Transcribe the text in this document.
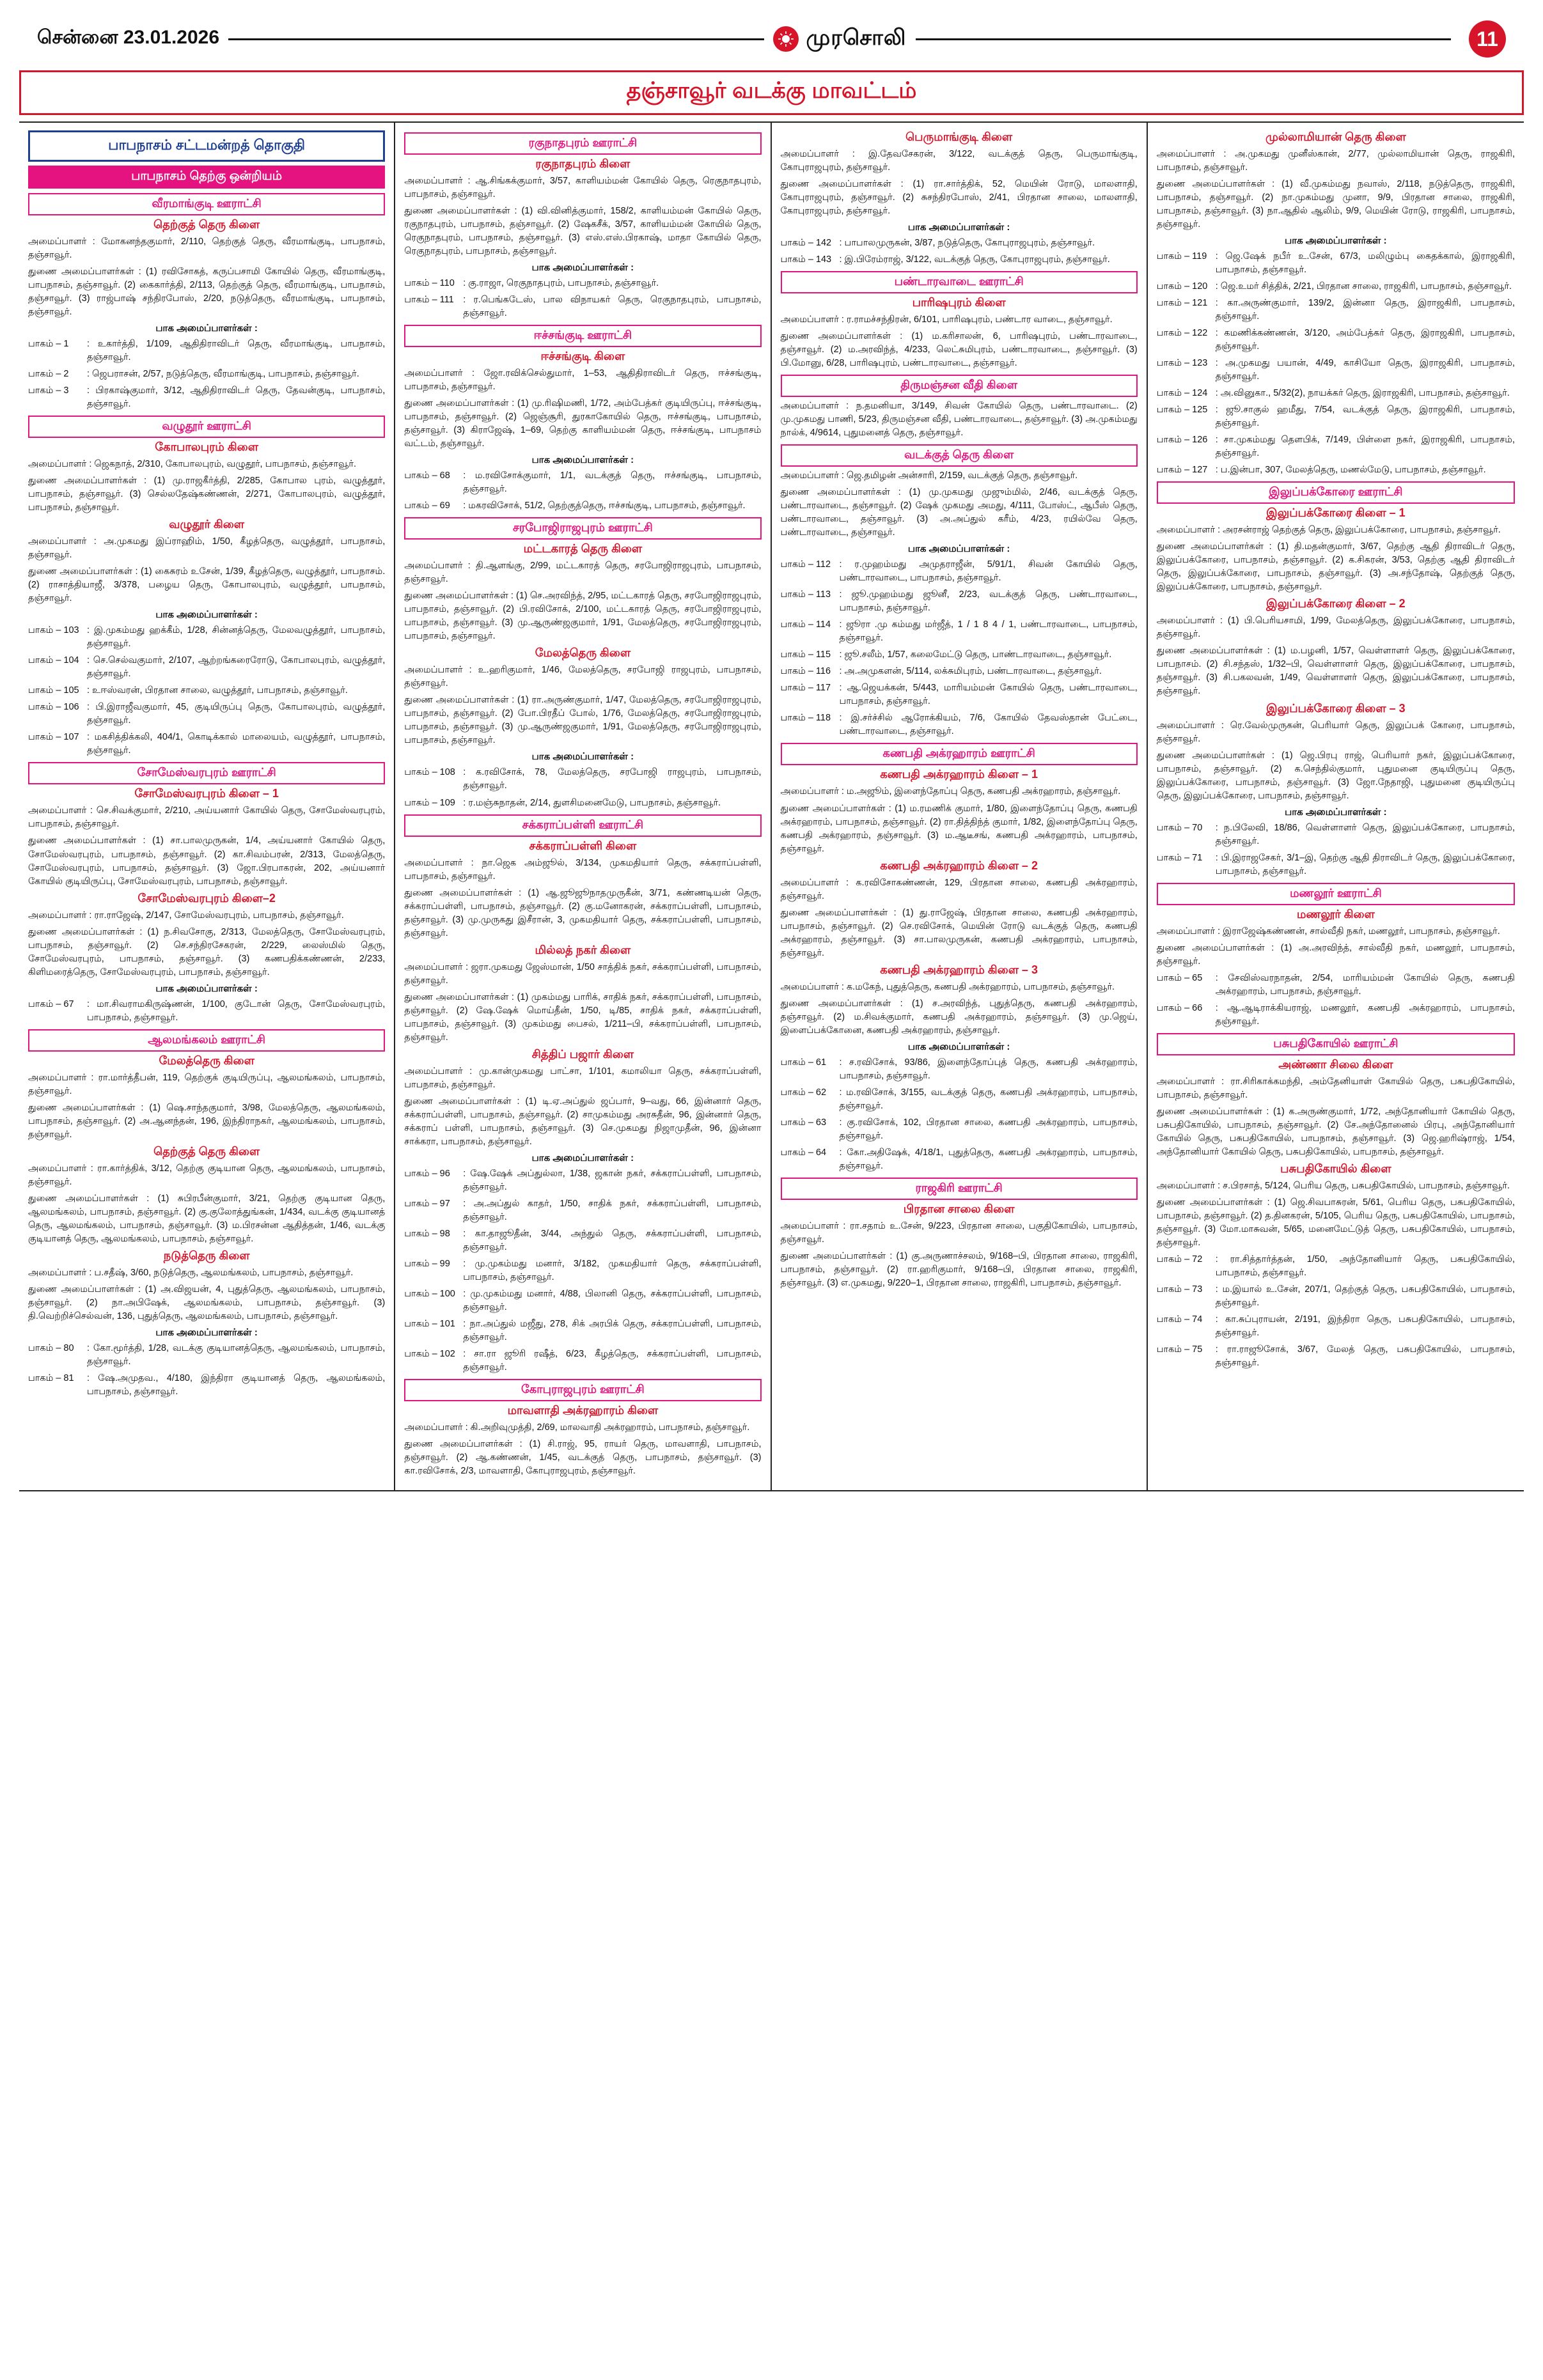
சென்னை 23.01.2026	முரசொலி	11
தஞ்சாவூர் வடக்கு மாவட்டம்
பாபநாசம் சட்டமன்றத் தொகுதி
பாபநாசம் தெற்கு ஒன்றியம்
வீரமாங்குடி ஊராட்சி
தெற்குத் தெரு கிளை
அமைப்பாளர் : மோகனந்தகுமார், 2/110, தெற்குத் தெரு, வீரமாங்குடி, பாபநாசம், தஞ்சாவூர்.
துணை அமைப்பாளர்கள் : (1) ரவிசோகத், கருப்பசாமி கோயில் தெரு, வீரமாங்குடி, பாபநாசம், தஞ்சாவூர். (2) கைகார்த்தி, 2/113, தெற்குத் தெரு, வீரமாங்குடி, பாபநாசம், தஞ்சாவூர். (3) ராஜ்பாஷ் சந்திரபோஸ், 2/20, நடுத்தெரு, வீரமாங்குடி, பாபநாசம், தஞ்சாவூர்.
பாக அமைப்பாளர்கள் :
பாகம் – 1	: உகார்த்தி, 1/109, ஆதிதிராவிடர் தெரு, வீரமாங்குடி, பாபநாசம், தஞ்சாவூர்.
பாகம் – 2	: ஜெபராசன், 2/57, நடுத்தெரு, வீரமாங்குடி, பாபநாசம், தஞ்சாவூர்.
பாகம் – 3	: பிரகாஷ்குமார், 3/12, ஆதிதிராவிடர் தெரு, தேவன்குடி, பாபநாசம், தஞ்சாவூர்.
வழுதூர் ஊராட்சி
கோபாலபுரம் கிளை
அமைப்பாளர் : ஜெகநாத், 2/310, கோபாலபுரம், வழுதூர், பாபநாசம், தஞ்சாவூர்.
துணை அமைப்பாளர்கள் : (1) மு.ராஜகீர்த்தி, 2/285, கோபால புரம், வழுத்தூர், பாபநாசம், தஞ்சாவூர். (3) செல்லதேஷ்கண்ணன், 2/271, கோபாலபுரம், வழுத்தூர், பாபநாசம், தஞ்சாவூர்.
வழுதூர் கிளை
அமைப்பாளர் : அ.முகமது இப்ராஹிம், 1/50, கீழத்தெரு, வழுத்தூர், பாபநாசம், தஞ்சாவூர்.
துணை அமைப்பாளர்கள் : (1) கைசுரம் உசேன், 1/39, கீழத்தெரு, வழுத்தூர், பாபநாசம். (2) ராசாத்தியாஜீ, 3/378, பழைய தெரு, கோபாலபுரம், வழுத்தூர், பாபநாசம், தஞ்சாவூர்.
பாக அமைப்பாளர்கள் :
பாகம் – 103 : இ.முகம்மது ஹக்கீம், 1/28, சின்னத்தெரு, மேலவழுத்தூர், பாபநாசம், தஞ்சாவூர்.
பாகம் – 104 : செ.செல்வகுமார், 2/107, ஆற்றங்கரைரோடு, கோபாலபுரம், வழுத்தூர், தஞ்சாவூர்.
பாகம் – 105 : உஈஸ்வரன், பிரதான சாலை, வழுத்தூர், பாபநாசம், தஞ்சாவூர்.
பாகம் – 106 : பி.இராஜீவகுமார், 45, குடியிருப்பு தெரு, கோபாலபுரம், வழுத்தூர், தஞ்சாவூர்.
பாகம் – 107 : மகசித்திக்கலி, 404/1, கொடிக்கால் மாலையம், வழுத்தூர், பாபநாசம், தஞ்சாவூர்.
சோமேஸ்வரபுரம் ஊராட்சி
சோமேஸ்வரபுரம் கிளை – 1
அமைப்பாளர் : செ.சிவக்குமார், 2/210, அய்யனார் கோயில் தெரு, சோமேஸ்வரபுரம், பாபநாசம், தஞ்சாவூர்.
துணை அமைப்பாளர்கள் : (1) சா.பாலமுருகன், 1/4, அய்யனார் கோயில் தெரு, சோமேஸ்வரபுரம், பாபநாசம், தஞ்சாவூர். (2) கா.சிவம்பரன், 2/313, மேலத்தெரு, சோமேஸ்வரபுரம், பாபநாசம், தஞ்சாவூர். (3) ஜோ.பிரபாகரன், 202, அய்யனார் கோயில் குடியிருப்பு, சோமேஸ்வரபுரம், பாபநாசம், தஞ்சாவூர்.
சோமேஸ்வரபுரம் கிளை–2
அமைப்பாளர் : ரா.ராஜேஷ், 2/147, சோமேஸ்வரபுரம், பாபநாசம், தஞ்சாவூர்.
துணை அமைப்பாளர்கள் : (1) ந.சிவசோகு, 2/313, மேலத்தெரு, சோமேஸ்வரபுரம், பாபநாசம், தஞ்சாவூர். (2) செ.சந்திரசேகரன், 2/229, லைஸ்மில் தெரு, சோமேஸ்வரபுரம், பாபநாசம், தஞ்சாவூர். (3) கணபதிக்கண்ணன், 2/233, கிளிமரைத்தெரு, சோமேஸ்வரபுரம், பாபநாசம், தஞ்சாவூர்.
பாக அமைப்பாளர்கள் :
பாகம் – 67	: மா.சிவராமகிருஷ்ணன், 1/100, குடோன் தெரு, சோமேஸ்வரபுரம், பாபநாசம், தஞ்சாவூர்.
ஆலமங்கலம் ஊராட்சி
மேலத்தெரு கிளை
அமைப்பாளர் : ரா.மார்த்தீபன், 119, தெற்குக் குடியிருப்பு, ஆலமங்கலம், பாபநாசம், தஞ்சாவூர்.
துணை அமைப்பாளர்கள் : (1) ஷெ.சாந்தகுமார், 3/98, மேலத்தெரு, ஆலமங்கலம், பாபநாசம், தஞ்சாவூர். (2) அ.ஆனந்தன், 196, இந்திராநகர், ஆலமங்கலம், பாபநாசம், தஞ்சாவூர்.
தெற்குத் தெரு கிளை
அமைப்பாளர் : ரா.கார்த்திக், 3/12, தெற்கு குடியான தெரு, ஆலமங்கலம், பாபநாசம், தஞ்சாவூர்.
துணை அமைப்பாளர்கள் : (1) சுபிரபீன்குமார், 3/21, தெற்கு குடியான தெரு, ஆலமங்கலம், பாபநாசம், தஞ்சாவூர். (2) கு.குலோத்துங்கன், 1/434, வடக்கு குடியானத் தெரு, ஆலமங்கலம், பாபநாசம், தஞ்சாவூர். (3) ம.பிரசன்ன ஆதித்தன், 1/46, வடக்கு குடியானத் தெரு, ஆலமங்கலம், பாபநாசம், தஞ்சாவூர்.
நடுத்தெரு கிளை
அமைப்பாளர் : ப.சதீஷ், 3/60, நடுத்தெரு, ஆலமங்கலம், பாபநாசம், தஞ்சாவூர்.
துணை அமைப்பாளர்கள் : (1) அ.விஜயன், 4, புதுத்தெரு, ஆலமங்கலம், பாபநாசம், தஞ்சாவூர். (2) நா.அபிஷேக், ஆலமங்கலம், பாபநாசம், தஞ்சாவூர். (3) தி.வெற்றிச்செல்வன், 136, புதுத்தெரு, ஆலமங்கலம், பாபநாசம், தஞ்சாவூர்.
பாக அமைப்பாளர்கள் :
பாகம் – 80	: கோ.மூர்த்தி, 1/28, வடக்கு குடியானத்தெரு, ஆலமங்கலம், பாபநாசம், தஞ்சாவூர்.
பாகம் – 81	: ஷே.அமுதவ., 4/180, இந்திரா குடியானத் தெரு, ஆலமங்கலம், பாபநாசம், தஞ்சாவூர்.
ரகுநாதபுரம் ஊராட்சி
ரகுநாதபுரம் கிளை
அமைப்பாளர் : ஆ.சிங்கக்குமார், 3/57, காளியம்மன் கோயில் தெரு, ரெகுநாதபுரம், பாபநாசம், தஞ்சாவூர்.
துணை அமைப்பாளர்கள் : (1) வி.வினித்குமார், 158/2, காளியம்மன் கோயில் தெரு, ரகுநாதபுரம், பாபநாசம், தஞ்சாவூர். (2) ஷேகசீக், 3/57, காளியம்மன் கோயில் தெரு, ரெகுநாதபுரம், பாபநாசம், தஞ்சாவூர். (3) எஸ்.எஸ்.பிரகாஷ், மாதா கோயில் தெரு, ரெகுநாதபுரம், பாபநாசம், தஞ்சாவூர்.
பாக அமைப்பாளர்கள் :
பாகம் – 110 : கு.ராஜா, ரெகுநாதபுரம், பாபநாசம், தஞ்சாவூர்.
பாகம் – 111	: ர.பெங்கடேஸ், பால விநாயகர் தெரு, ரெகுநாதபுரம், பாபநாசம், தஞ்சாவூர்.
ஈச்சங்குடி ஊராட்சி
ஈச்சங்குடி கிளை
அமைப்பாளர் : ஜோ.ரவிக்செல்துமார், 1–53, ஆதிதிராவிடர் தெரு, ஈச்சங்குடி, பாபநாசம், தஞ்சாவூர்.
துணை அமைப்பாளர்கள் : (1) மு.ரிஷிமணி, 1/72, அம்பேத்கர் குடியிருப்பு, ஈச்சங்குடி, பாபநாசம், தஞ்சாவூர். (2) ஜெஞ்சூரி, துரகாகோயில் தெரு, ஈச்சங்குடி, பாபநாசம், தஞ்சாவூர். (3) கிராஜேஷ், 1–69, தெற்கு காளியம்மன் தெரு, ஈச்சங்குடி, பாபநாசம் வட்டம், தஞ்சாவூர்.
பாக அமைப்பாளர்கள் :
பாகம் – 68	: ம.ரவிசோக்குமார், 1/1, வடக்குத் தெரு, ஈச்சங்குடி, பாபநாசம், தஞ்சாவூர்.
பாகம் – 69	: மகரவிசோக், 51/2, தெற்குத்தெரு, ஈச்சங்குடி, பாபநாசம், தஞ்சாவூர்.
சரபோஜிராஜபுரம் ஊராட்சி
மட்டகாரத் தெரு கிளை
அமைப்பாளர் : தி.ஆளங்கு, 2/99, மட்டகாரத் தெரு, சரபோஜிராஜபுரம், பாபநாசம், தஞ்சாவூர்.
துணை அமைப்பாளர்கள் : (1) செ.அரவிந்த், 2/95, மட்டகாரத் தெரு, சரபோஜிராஜபுரம், பாபநாசம், தஞ்சாவூர். (2) பி.ரவிசோக், 2/100, மட்டகாரத் தெரு, சரபோஜிராஜபுரம், பாபநாசம், தஞ்சாவூர். (3) மு.ஆருண்ஜகுமார், 1/91, மேலத்தெரு, சரபோஜிராஜபுரம், பாபநாசம், தஞ்சாவூர்.
மேலத்தெரு கிளை
அமைப்பாளர் : உ.ஹரிகுமார், 1/46, மேலத்தெரு, சரபோஜி ராஜபுரம், பாபநாசம், தஞ்சாவூர்.
துணை அமைப்பாளர்கள் : (1) ரா.அருண்குமார், 1/47, மேலத்தெரு, சரபோஜிராஜபுரம், பாபநாசம், தஞ்சாவூர். (2) போ.பிரதீப் போல், 1/76, மேலத்தெரு, சரபோஜிராஜபுரம், பாபநாசம், தஞ்சாவூர். (3) மு.ஆருண்ஜகுமார், 1/91, மேலத்தெரு, சரபோஜிராஜபுரம், பாபநாசம், தஞ்சாவூர்.
பாக அமைப்பாளர்கள் :
பாகம் – 108 : க.ரவிசோக், 78, மேலத்தெரு, சரபோஜி ராஜபுரம், பாபநாசம், தஞ்சாவூர்.
பாகம் – 109 : ர.மஞ்சுநாதன், 2/14, துளசிமனைமேடு, பாபநாசம், தஞ்சாவூர்.
சக்கராப்பள்ளி ஊராட்சி
சக்கராப்பள்ளி கிளை
அமைப்பாளர் : நா.ஜெக அம்ஜூல், 3/134, முகமதியார் தெரு, சக்கராப்பள்ளி, பாபநாசம், தஞ்சாவூர்.
துணை அமைப்பாளர்கள் : (1) ஆ.ஜூஜூநாதமுருகீன், 3/71, கண்ணடியன் தெரு, சக்கராப்பள்ளி, பாபநாசம், தஞ்சாவூர். (2) கு.மனோகரன், சக்கராப்பள்ளி, பாபநாசம், தஞ்சாவூர். (3) மு.முருகது இசீரான், 3, முகமதியார் தெரு, சக்கராப்பள்ளி, பாபநாசம், தஞ்சாவூர்.
மில்லத் நகர் கிளை
அமைப்பாளர் : ஜரா.முகமது ஜேஸ்மான், 1/50 சாத்திக் நகர், சக்கராப்பள்ளி, பாபநாசம், தஞ்சாவூர்.
துணை அமைப்பாளர்கள் : (1) முகம்மது பாரிக், சாதிக் நகர், சக்கராப்பள்ளி, பாபநாசம், தஞ்சாவூர். (2) ஷே.ஷேக் மொய்தீன், 1/50, டி/85, சாதிக் நகர், சக்கராப்பள்ளி, பாபநாசம், தஞ்சாவூர். (3) முகம்மது பைசல், 1/211–பி, சக்கராப்பள்ளி, பாபநாசம், தஞ்சாவூர்.
சித்திப் பஜார் கிளை
அமைப்பாளர் : மு.கான்முகமது பாட்சா, 1/101, கமாலியா தெரு, சக்கராப்பள்ளி, பாபநாசம், தஞ்சாவூர்.
துணை அமைப்பாளர்கள் : (1) டி.ஏ.அப்துல் ஜப்பார், 9–வது, 66, இன்னார் தெரு, சக்கராப்பள்ளி, பாபநாசம், தஞ்சாவூர். (2) சாமுகம்மது அரசுதீன், 96, இன்னார் தெரு, சக்கராப் பள்ளி, பாபநாசம், தஞ்சாவூர். (3) செ.முகமது நிஜாமுதீன், 96, இன்னா சாக்கரா, பாபநாசம், தஞ்சாவூர்.
பாக அமைப்பாளர்கள் :
பாகம் – 96	: ஷே.ஷேக் அப்துல்லா, 1/38, ஜகான் நகர், சக்கராப்பள்ளி, பாபநாசம், தஞ்சாவூர்.
பாகம் – 97	: அ.அப்துல் காதர், 1/50, சாதிக் நகர், சக்கராப்பள்ளி, பாபநாசம், தஞ்சாவூர்.
பாகம் – 98	: கா.தாஜூதீன், 3/44, அந்துல் தெரு, சக்கராப்பள்ளி, பாபநாசம், தஞ்சாவூர்.
பாகம் – 99	: மு.முகம்மது மனார், 3/182, முகமதியார் தெரு, சக்கராப்பள்ளி, பாபநாசம், தஞ்சாவூர்.
பாகம் – 100 : மு.முகம்மது மனார், 4/88, பிலானி தெரு, சக்கராப்பள்ளி, பாபநாசம், தஞ்சாவூர்.
பாகம் – 101 : நா.அப்துல் மஜீது, 278, சிக் அரபிக் தெரு, சக்கராப்பள்ளி, பாபநாசம், தஞ்சாவூர்.
பாகம் – 102 : சா.ரா ஜூரி ரஷீத், 6/23, கீழத்தெரு, சக்கராப்பள்ளி, பாபநாசம், தஞ்சாவூர்.
கோபுராஜபுரம் ஊராட்சி
மாவளாதி அக்ரஹாரம் கிளை
அமைப்பாளர் : கி.அறிவுமுத்தி, 2/69, மாலவாதி அக்ரஹாரம், பாபநாசம், தஞ்சாவூர்.
துணை அமைப்பாளர்கள் : (1) சி.ராஜ், 95, ராயர் தெரு, மாவளாதி, பாபநாசம், தஞ்சாவூர். (2) ஆ.கண்ணன், 1/45, வடக்குத் தெரு, பாபநாசம், தஞ்சாவூர். (3) கா.ரவிசோக், 2/3, மாவளாதி, கோபுராஜபுரம், தஞ்சாவூர்.
பெருமாங்குடி கிளை
அமைப்பாளர் : இ.தேவசேகரன், 3/122, வடக்குத் தெரு, பெருமாங்குடி, கோபுராஜபுரம், தஞ்சாவூர்.
துணை அமைப்பாளர்கள் : (1) ரா.சார்த்திக், 52, மெயின் ரோடு, மாலளாதி, கோபுராஜபுரம், தஞ்சாவூர். (2) சுசந்திரபோஸ், 2/41, பிரதான சாலை, மாலளாதி, கோபுராஜபுரம், தஞ்சாவூர்.
பாக அமைப்பாளர்கள் :
பாகம் – 142 : பாபாலமுருகன், 3/87, நடுத்தெரு, கோபுராஜபுரம், தஞ்சாவூர்.
பாகம் – 143 : இ.பிரேம்ராஜ், 3/122, வடக்குத் தெரு, கோபுராஜபுரம், தஞ்சாவூர்.
பண்டாரவாடை ஊராட்சி
பாரிஷபுரம் கிளை
அமைப்பாளர் : ர.ராமச்சந்திரன், 6/101, பாரிஷபுரம், பண்டார வாடை, தஞ்சாவூர்.
துணை அமைப்பாளர்கள் : (1) ம.கரிசாலன், 6, பாரிஷபுரம், பண்டாரவாடை, தஞ்சாவூர். (2) ம.அரவிந்த், 4/233, லெட்சுமிபுரம், பண்டாரவாடை, தஞ்சாவூர். (3) பி.மோனு, 6/28, பாரிஷபுரம், பண்டாரவாடை, தஞ்சாவூர்.
திருமஞ்சன வீதி கிளை
அமைப்பாளர் : ந.தமனியா, 3/149, சிவன் கோயில் தெரு, பண்டாரவாடை. (2) மு.முகமது பாணி, 5/23, திருமஞ்சன வீதி, பண்டாரவாடை, தஞ்சாவூர். (3) அ.முகம்மது நால்க், 4/9614, புதுமனைத் தெரு, தஞ்சாவூர்.
வடக்குத் தெரு கிளை
அமைப்பாளர் : ஜெ.தமிழன் அன்சாரி, 2/159, வடக்குத் தெரு, தஞ்சாவூர்.
துணை அமைப்பாளர்கள் : (1) மு.முகமது முஜும்மில், 2/46, வடக்குத் தெரு, பண்டாரவாடை, தஞ்சாவூர். (2) ஷேக் முகமது அமது, 4/111, போஸ்ட், ஆபீஸ் தெரு, பண்டாரவாடை, தஞ்சாவூர். (3) அ.அப்துல் கரீம், 4/23, ரயில்வே தெரு, பண்டாரவாடை, தஞ்சாவூர்.
பாக அமைப்பாளர்கள் :
பாகம் – 112 : ர.முஹம்மது அமுதராஜீன், 5/91/1, சிவன் கோயில் தெரு, பண்டாரவாடை, பாபநாசம், தஞ்சாவூர்.
பாகம் – 113 : ஜூ.முஹம்மது ஜூனீ, 2/23, வடக்குத் தெரு, பண்டாரவாடை, பாபநாசம், தஞ்சாவூர்.
பாகம் – 114 : ஜூரா .மு கம்மது மர்ஜீத், 1 / 1 8 4 / 1, பண்டாரவாடை, பாபநாசம், தஞ்சாவூர்.
பாகம் – 115 : ஜூ.சலீம், 1/57, கலைமேட்டு தெரு, பாண்டாரவாடை, தஞ்சாவூர்.
பாகம் – 116 : அ.அமுகளன், 5/114, லக்சுமிபுரம், பண்டாரவாடை, தஞ்சாவூர்.
பாகம் – 117 : ஆ.ஜெயக்கன், 5/443, மாரியம்மன் கோயில் தெரு, பண்டாரவாடை, பாபநாசம், தஞ்சாவூர்.
பாகம் – 118 : இ.சர்ச்சில் ஆரோக்கியம், 7/6, கோயில் தேவஸ்தான் பேட்டை, பண்டாரவாடை, தஞ்சாவூர்.
கணபதி அக்ரஹாரம் ஊராட்சி
கணபதி அக்ரஹாரம் கிளை – 1
அமைப்பாளர் : ம.அஜூம், இளைந்தோப்பு தெரு, கணபதி அக்ரஹாரம், தஞ்சாவூர்.
துணை அமைப்பாளர்கள் : (1) ம.ரமணிக் குமார், 1/80, இளைந்தோப்பு தெரு, கணபதி அக்ரஹாரம், பாபநாசம், தஞ்சாவூர். (2) ரா.தித்திந்த் குமார், 1/82, இளைந்தோப்பு தெரு, கணபதி அக்ரஹாரம், தஞ்சாவூர். (3) ம.ஆடீசங், கணபதி அக்ரஹாரம், பாபநாசம், தஞ்சாவூர்.
கணபதி அக்ரஹாரம் கிளை – 2
அமைப்பாளர் : க.ரவிசோகண்ணன், 129, பிரதான சாலை, கணபதி அக்ரஹாரம், தஞ்சாவூர்.
துணை அமைப்பாளர்கள் : (1) து.ராஜேஷ், பிரதான சாலை, கணபதி அக்ரஹாரம், பாபநாசம், தஞ்சாவூர். (2) செ.ரவிசோக், மெயின் ரோடு வடக்குத் தெரு, கணபதி அக்ரஹாரம், தஞ்சாவூர். (3) சா.பாலமுருகன், கணபதி அக்ரஹாரம், பாபநாசம், தஞ்சாவூர்.
கணபதி அக்ரஹாரம் கிளை – 3
அமைப்பாளர் : க.மகேந், புதுத்தெரு, கணபதி அக்ரஹாரம், பாபநாசம், தஞ்சாவூர்.
துணை அமைப்பாளர்கள் : (1) ச.அரவிந்த், புதுத்தெரு, கணபதி அக்ரஹாரம், தஞ்சாவூர். (2) ம.சிவக்குமார், கணபதி அக்ரஹாரம், தஞ்சாவூர். (3) மு.ஜெய், இளைப்பக்கோனை, கணபதி அக்ரஹாரம், தஞ்சாவூர்.
பாக அமைப்பாளர்கள் :
பாகம் – 61	: ச.ரவிசோக், 93/86, இளைந்தோப்புத் தெரு, கணபதி அக்ரஹாரம், பாபநாசம், தஞ்சாவூர்.
பாகம் – 62	: ம.ரவிசோக், 3/155, வடக்குத் தெரு, கணபதி அக்ரஹாரம், பாபநாசம், தஞ்சாவூர்.
பாகம் – 63	: கு.ரவிசோக், 102, பிரதான சாலை, கணபதி அக்ரஹாரம், பாபநாசம், தஞ்சாவூர்.
பாகம் – 64	: கோ.அதிஷேக், 4/18/1, புதுத்தெரு, கணபதி அக்ரஹாரம், பாபநாசம், தஞ்சாவூர்.
ராஜகிரி ஊராட்சி
பிரதான சாலை கிளை
அமைப்பாளர் : ரா.சதாம் உ.சேன், 9/223, பிரதான சாலை, பகுதிகோயில், பாபநாசம், தஞ்சாவூர்.
துணை அமைப்பாளர்கள் : (1) கு.அருணாச்சலம், 9/168–பி, பிரதான சாலை, ராஜகிரி, பாபநாசம், தஞ்சாவூர். (2) ரா.ஹரிகுமார், 9/168–பி, பிரதான சாலை, ராஜகிரி, தஞ்சாவூர். (3) எ.முகமது, 9/220–1, பிரதான சாலை, ராஜகிரி, பாபநாசம், தஞ்சாவூர்.
முல்லாமியான் தெரு கிளை
அமைப்பாளர் : அ.முகமது முனீஸ்கான், 2/77, முல்லாமியான் தெரு, ராஜகிரி, பாபநாசம், தஞ்சாவூர்.
துணை அமைப்பாளர்கள் : (1) வீ.முகம்மது நவாஸ், 2/118, நடுத்தெரு, ராஜகிரி, பாபநாசம், தஞ்சாவூர். (2) நா.முகம்மது முனா, 9/9, பிரதான சாலை, ராஜகிரி, பாபநாசம், தஞ்சாவூர். (3) நா.ஆதில் ஆலிம், 9/9, மெயின் ரோடு, ராஜகிரி, பாபநாசம், தஞ்சாவூர்.
பாக அமைப்பாளர்கள் :
பாகம் – 119 : ஜெ.ஷேக் நபீர் உ.சேன், 67/3, மலிழும்பு கைதக்கால், இராஜகிரி, பாபநாசம், தஞ்சாவூர்.
பாகம் – 120 : ஜெ.உமர் சித்திக், 2/21, பிரதான சாலை, ராஜகிரி, பாபநாசம், தஞ்சாவூர்.
பாகம் – 121 : கா.அருண்குமார், 139/2, இன்னா தெரு, இராஜகிரி, பாபநாசம், தஞ்சாவூர்.
பாகம் – 122 : கமணிக்கண்ணன், 3/120, அம்பேத்கர் தெரு, இராஜகிரி, பாபநாசம், தஞ்சாவூர்.
பாகம் – 123 : அ.முகமது பயான், 4/49, காசியோ தெரு, இராஜகிரி, பாபநாசம், தஞ்சாவூர்.
பாகம் – 124 : அ.வினுகா., 5/32(2), நாயக்கர் தெரு, இராஜகிரி, பாபநாசம், தஞ்சாவூர்.
பாகம் – 125 : ஜூ.சாகுல் ஹமீது, 7/54, வடக்குத் தெரு, இராஜகிரி, பாபநாசம், தஞ்சாவூர்.
பாகம் – 126 : சா.முகம்மது தௌபிக், 7/149, பிள்ளை நகர், இராஜகிரி, பாபநாசம், தஞ்சாவூர்.
பாகம் – 127 : ப.இன்பா, 307, மேலத்தெரு, மணல்மேடு, பாபநாசம், தஞ்சாவூர்.
இலுப்பக்கோரை ஊராட்சி
இலுப்பக்கோரை கிளை – 1
அமைப்பாளர் : அரசன்ராஜ் தெற்குத் தெரு, இலுப்பக்கோரை, பாபநாசம், தஞ்சாவூர்.
துணை அமைப்பாளர்கள் : (1) தி.மதன்குமார், 3/67, தெற்கு ஆதி திராவிடர் தெரு, இலுப்பக்கோரை, பாபநாசம், தஞ்சாவூர். (2) க.சிகரன், 3/53, தெற்கு ஆதி திராவிடர் தெரு, இலுப்பக்கோரை, பாபநாசம், தஞ்சாவூர். (3) அ.சந்தோஷ், தெற்குத் தெரு, இலுப்பக்கோரை, பாபநாசம், தஞ்சாவூர்.
இலுப்பக்கோரை கிளை – 2
அமைப்பாளர் : (1) பி.பெரியசாமி, 1/99, மேலத்தெரு, இலுப்பக்கோரை, பாபநாசம், தஞ்சாவூர்.
துணை அமைப்பாளர்கள் : (1) ம.பழனி, 1/57, வெள்ளாளர் தெரு, இலுப்பக்கோரை, பாபநாசம். (2) சி.சந்தஸ், 1/32–பி, வெள்ளாளர் தெரு, இலுப்பக்கோரை, பாபநாசம், தஞ்சாவூர். (3) சி.பகலவன், 1/49, வெள்ளாளர் தெரு, இலுப்பக்கோரை, பாபநாசம், தஞ்சாவூர்.
இலுப்பக்கோரை கிளை – 3
அமைப்பாளர் : ரெ.வேல்முருகன், பெரியார் தெரு, இலுப்பக் கோரை, பாபநாசம், தஞ்சாவூர்.
துணை அமைப்பாளர்கள் : (1) ஜெ.பிரபு ராஜ், பெரியார் நகர், இலுப்பக்கோரை, பாபநாசம், தஞ்சாவூர். (2) க.செந்தில்குமார், புதுமனை குடியிருப்பு தெரு, இலுப்பக்கோரை, பாபநாசம், தஞ்சாவூர். (3) ஜோ.நேதாஜி, புதுமனை குடியிருப்பு தெரு, இலுப்பக்கோரை, பாபநாசம், தஞ்சாவூர்.
பாக அமைப்பாளர்கள் :
பாகம் – 70	: ந.பிலேவி, 18/86, வெள்ளாளர் தெரு, இலுப்பக்கோரை, பாபநாசம், தஞ்சாவூர்.
பாகம் – 71	: பி.இராஜசேகர், 3/1–இ, தெற்கு ஆதி திராவிடர் தெரு, இலுப்பக்கோரை, பாபநாசம், தஞ்சாவூர்.
மணலூர் ஊராட்சி
மணலூர் கிளை
அமைப்பாளர் : இராஜேஷ்கண்ணன், சால்வீதி நகர், மணலூர், பாபநாசம், தஞ்சாவூர்.
துணை அமைப்பாளர்கள் : (1) அ.அரவிந்த், சால்வீதி நகர், மணலூர், பாபநாசம், தஞ்சாவூர்.
பாகம் – 65	: சேவிஸ்வரநாதன், 2/54, மாரியம்மன் கோயில் தெரு, கணபதி அக்ரஹாரம், பாபநாசம், தஞ்சாவூர்.
பாகம் – 66	: ஆ.ஆடிராக்கியராஜ், மணலூர், கணபதி அக்ரஹாரம், பாபநாசம், தஞ்சாவூர்.
பசுபதிகோயில் ஊராட்சி
அண்ணா சிலை கிளை
அமைப்பாளர் : ரா.சிரிகாக்கமந்தி, அம்தேனியாள் கோயில் தெரு, பசுபதிகோயில், பாபநாசம், தஞ்சாவூர்.
துணை அமைப்பாளர்கள் : (1) க.அருண்குமார், 1/72, அந்தோனியார் கோயில் தெரு, பசுபதிகோயில், பாபநாசம், தஞ்சாவூர். (2) சே.அந்தோனைல் பிரபு, அந்தோனியார் கோயில் தெரு, பசுபதிகோயில், பாபநாசம், தஞ்சாவூர். (3) ஜெ.ஹரிஷ்ராஜ், 1/54, அந்தோனியார் கோயில் தெரு, பசுபதிகோயில், பாபநாசம், தஞ்சாவூர்.
பசுபதிகோயில் கிளை
அமைப்பாளர் : ச.பிரசாத், 5/124, பெரிய தெரு, பசுபதிகோயில், பாபநாசம், தஞ்சாவூர்.
துணை அமைப்பாளர்கள் : (1) ஜெ.சிவபாசுரன், 5/61, பெரிய தெரு, பசுபதிகோயில், பாபநாசம், தஞ்சாவூர். (2) த.தினகரன், 5/105, பெரிய தெரு, பசுபதிகோயில், பாபநாசம், தஞ்சாவூர். (3) மோ.மாசுவன், 5/65, மனைமேட்டுத் தெரு, பசுபதிகோயில், பாபநாசம், தஞ்சாவூர்.
பாகம் – 72	: ரா.சித்தார்த்தன், 1/50, அந்தோனியார் தெரு, பசுபதிகோயில், பாபநாசம், தஞ்சாவூர்.
பாகம் – 73	: ம.இயால் உ.சேன், 207/1, தெற்குத் தெரு, பசுபதிகோயில், பாபநாசம், தஞ்சாவூர்.
பாகம் – 74	: கா.சுப்புராயன், 2/191, இந்திரா தெரு, பசுபதிகோயில், பாபநாசம், தஞ்சாவூர்.
பாகம் – 75	: ரா.ராஜூசோக், 3/67, மேலத் தெரு, பசுபதிகோயில், பாபநாசம், தஞ்சாவூர்.
